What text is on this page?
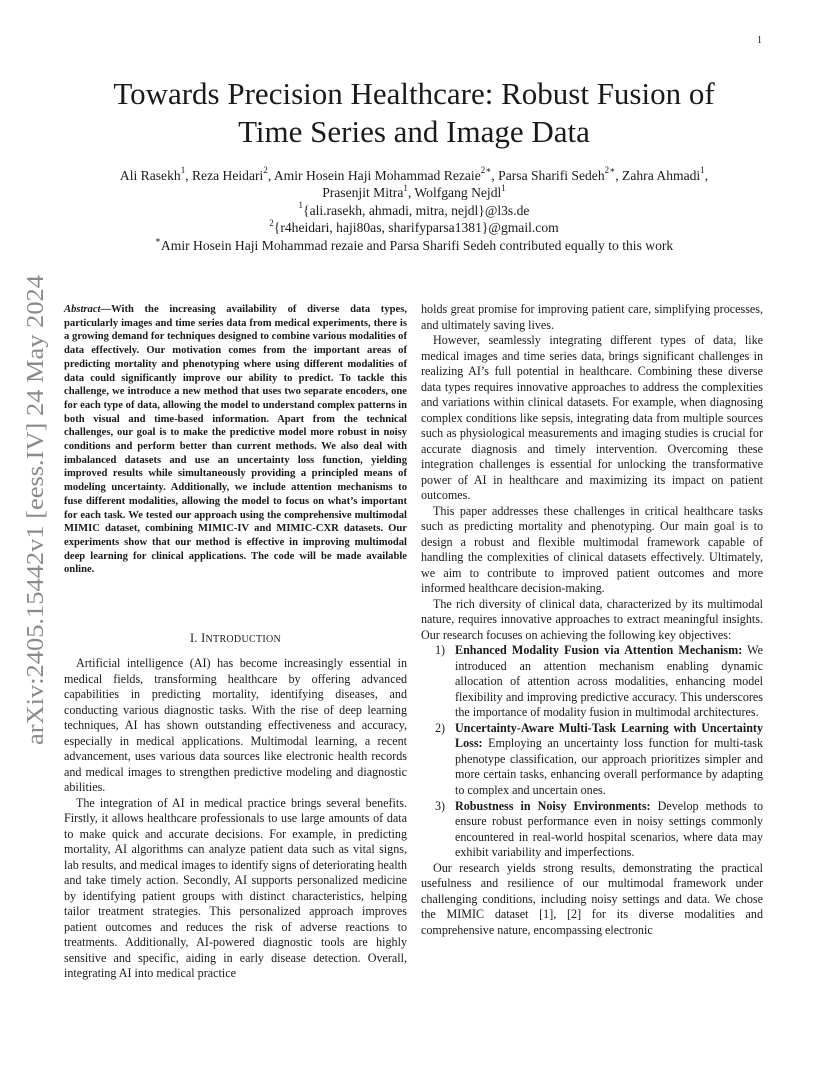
1
arXiv:2405.15442v1 [eess.IV] 24 May 2024
Towards Precision Healthcare: Robust Fusion of
Time Series and Image Data
Ali Rasekh$^1$, Reza Heidari$^2$, Amir Hosein Haji Mohammad Rezaie$^{2∗}$, Parsa Sharifi Sedeh$^{2∗}$, Zahra Ahmadi$^1$,
Prasenjit Mitra$^1$, Wolfgang Nejdl$^1$
$^1${ali.rasekh, ahmadi, mitra, nejdl}@l3s.de
$^2${r4heidari, haji80as, sharifyparsa1381}@gmail.com
∗Amir Hosein Haji Mohammad rezaie and Parsa Sharifi Sedeh contributed equally to this work
Abstract—With the increasing availability of diverse data types, particularly images and time series data from medical experiments, there is a growing demand for techniques designed to combine various modalities of data effectively. Our motivation comes from the important areas of predicting mortality and phenotyping where using different modalities of data could significantly improve our ability to predict. To tackle this challenge, we introduce a new method that uses two separate encoders, one for each type of data, allowing the model to understand complex patterns in both visual and time-based information. Apart from the technical challenges, our goal is to make the predictive model more robust in noisy conditions and perform better than current methods. We also deal with imbalanced datasets and use an uncertainty loss function, yielding improved results while simultaneously providing a principled means of modeling uncertainty. Additionally, we include attention mechanisms to fuse different modalities, allowing the model to focus on what’s important for each task. We tested our approach using the comprehensive multimodal MIMIC dataset, combining MIMIC-IV and MIMIC-CXR datasets. Our experiments show that our method is effective in improving multimodal deep learning for clinical applications. The code will be made available online.
I. INTRODUCTION

Artificial intelligence (AI) has become increasingly essential in medical fields, transforming healthcare by offering advanced capabilities in predicting mortality, identifying diseases, and conducting various diagnostic tasks. With the rise of deep learning techniques, AI has shown outstanding effectiveness and accuracy, especially in medical applications. Multimodal learning, a recent advancement, uses various data sources like electronic health records and medical images to strengthen predictive modeling and diagnostic abilities.

The integration of AI in medical practice brings several benefits. Firstly, it allows healthcare professionals to use large amounts of data to make quick and accurate decisions. For example, in predicting mortality, AI algorithms can analyze patient data such as vital signs, lab results, and medical images to identify signs of deteriorating health and take timely action. Secondly, AI supports personalized medicine by identifying patient groups with distinct characteristics, helping tailor treatment strategies. This personalized approach improves patient outcomes and reduces the risk of adverse reactions to treatments. Additionally, AI-powered diagnostic tools are highly sensitive and specific, aiding in early disease detection. Overall, integrating AI into medical practice

holds great promise for improving patient care, simplifying processes, and ultimately saving lives.

However, seamlessly integrating different types of data, like medical images and time series data, brings significant challenges in realizing AI’s full potential in healthcare. Combining these diverse data types requires innovative approaches to address the complexities and variations within clinical datasets. For example, when diagnosing complex conditions like sepsis, integrating data from multiple sources such as physiological measurements and imaging studies is crucial for accurate diagnosis and timely intervention. Overcoming these integration challenges is essential for unlocking the transformative power of AI in healthcare and maximizing its impact on patient outcomes.

This paper addresses these challenges in critical healthcare tasks such as predicting mortality and phenotyping. Our main goal is to design a robust and flexible multimodal framework capable of handling the complexities of clinical datasets effectively. Ultimately, we aim to contribute to improved patient outcomes and more informed healthcare decision-making.

The rich diversity of clinical data, characterized by its multimodal nature, requires innovative approaches to extract meaningful insights. Our research focuses on achieving the following key objectives:

1) Enhanced Modality Fusion via Attention Mechanism: We introduced an attention mechanism enabling dynamic allocation of attention across modalities, enhancing model flexibility and improving predictive accuracy. This underscores the importance of modality fusion in multimodal architectures.
2) Uncertainty-Aware Multi-Task Learning with Uncertainty Loss: Employing an uncertainty loss function for multi-task phenotype classification, our approach prioritizes simpler and more certain tasks, enhancing overall performance by adapting to complex and uncertain ones.
3) Robustness in Noisy Environments: Develop methods to ensure robust performance even in noisy settings commonly encountered in real-world hospital scenarios, where data may exhibit variability and imperfections.

Our research yields strong results, demonstrating the practical usefulness and resilience of our multimodal framework under challenging conditions, including noisy settings and data. We chose the MIMIC dataset [1], [2] for its diverse modalities and comprehensive nature, encompassing electronic
